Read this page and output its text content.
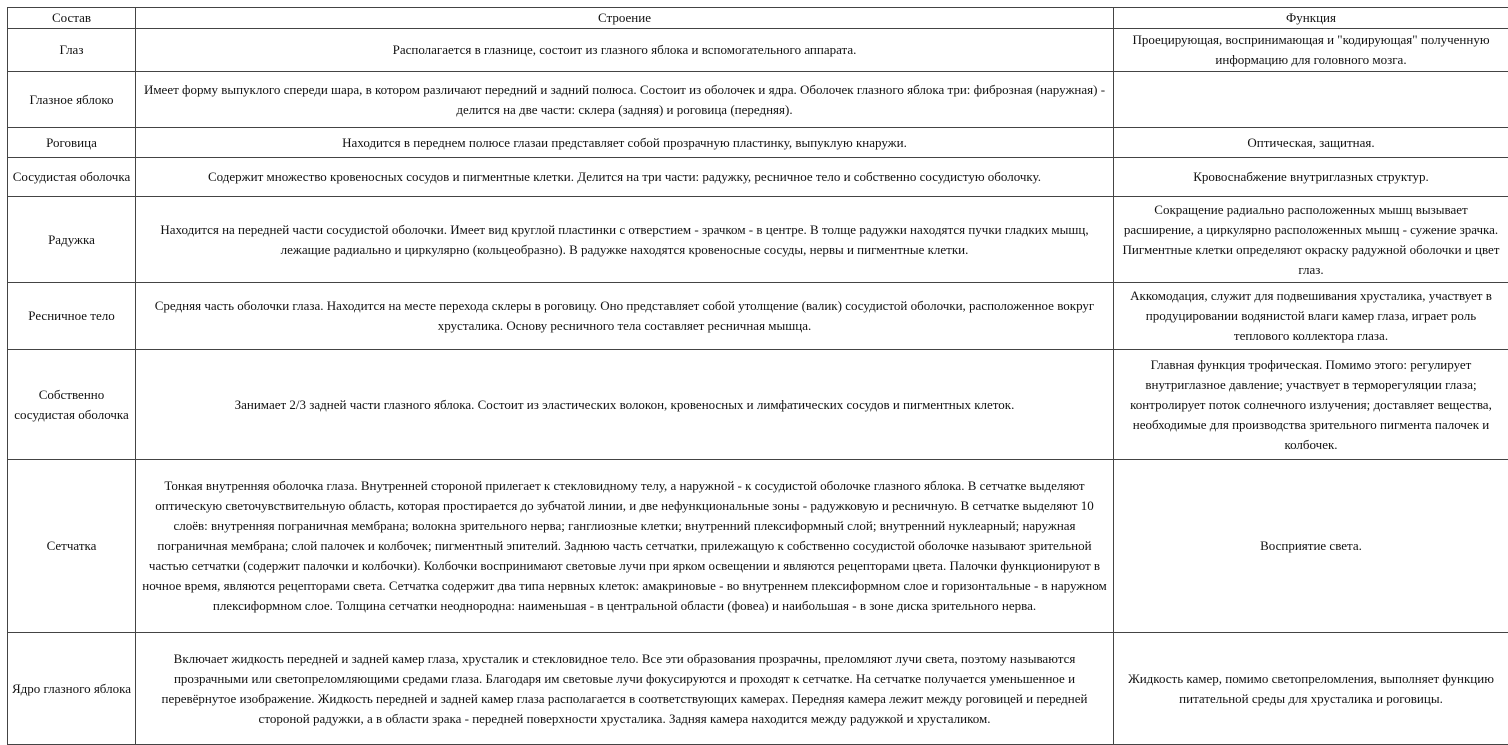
Состав	Строение	Функция	
Глаз	Располагается в глазнице, состоит из глазного яблока и вспомогательного аппарата.	Проецирующая, воспринимающая и "кодирующая" полученную информацию для головного мозга.	
Глазное яблоко	Имеет форму выпуклого спереди шара, в котором различают передний и задний полюса. Состоит из оболочек и ядра. Оболочек глазного яблока три: фиброзная (наружная) - делится на две части: склера (задняя) и роговица (передняя).		
Роговица	Находится в переднем полюсе глазаи представляет собой прозрачную пластинку, выпуклую кнаружи.	Оптическая, защитная.	
Сосудистая оболочка	Содержит множество кровеносных сосудов и пигментные клетки. Делится на три части: радужку, ресничное тело и собственно сосудистую оболочку.	Кровоснабжение внутриглазных структур.	
Радужка	Находится на передней части сосудистой оболочки. Имеет вид круглой пластинки с отверстием - зрачком - в центре. В толще радужки находятся пучки гладких мышц, лежащие радиально и циркулярно (кольцеобразно). В радужке находятся кровеносные сосуды, нервы и пигментные клетки.	Сокращение радиально расположенных мышц вызывает расширение, а циркулярно расположенных мышц - сужение зрачка. Пигментные клетки определяют окраску радужной оболочки и цвет глаз.	
Ресничное тело	Средняя часть оболочки глаза. Находится на месте перехода склеры в роговицу. Оно представляет собой утолщение (валик) сосудистой оболочки, расположенное вокруг хрусталика. Основу ресничного тела составляет ресничная мышца.	Аккомодация, служит для подвешивания хрусталика, участвует в продуцировании водянистой влаги камер глаза, играет роль теплового коллектора глаза.	
Собственно сосудистая оболочка	Занимает 2/3 задней части глазного яблока. Состоит из эластических волокон, кровеносных и лимфатических сосудов и пигментных клеток.	Главная функция трофическая. Помимо этого: регулирует внутриглазное давление; участвует в терморегуляции глаза; контролирует поток солнечного излучения; доставляет вещества, необходимые для производства зрительного пигмента палочек и колбочек.	
Сетчатка	Тонкая внутренняя оболочка глаза. Внутренней стороной прилегает к стекловидному телу, а наружной - к сосудистой оболочке глазного яблока. В сетчатке выделяют оптическую светочувствительную область, которая простирается до зубчатой линии, и две нефункциональные зоны - радужковую и ресничную. В сетчатке выделяют 10 слоёв: внутренняя пограничная мембрана; волокна зрительного нерва; ганглиозные клетки; внутренний плексиформный слой; внутренний нуклеарный; наружная пограничная мембрана; слой палочек и колбочек; пигментный эпителий. Заднюю часть сетчатки, прилежащую к собственно сосудистой оболочке называют зрительной частью сетчатки (содержит палочки и колбочки). Колбочки воспринимают световые лучи при ярком освещении и являются рецепторами цвета. Палочки функционируют в ночное время, являются рецепторами света. Сетчатка содержит два типа нервных клеток: амакриновые - во внутреннем плексиформном слое и горизонтальные - в наружном плексиформном слое. Толщина сетчатки неоднородна: наименьшая - в центральной области (фовеа) и наибольшая - в зоне диска зрительного нерва.	Восприятие света.	
Ядро глазного яблока	Включает жидкость передней и задней камер глаза, хрусталик и стекловидное тело. Все эти образования прозрачны, преломляют лучи света, поэтому называются прозрачными или светопреломляющими средами глаза. Благодаря им световые лучи фокусируются и проходят к сетчатке. На сетчатке получается уменьшенное и перевёрнутое изображение. Жидкость передней и задней камер глаза располагается в соответствующих камерах. Передняя камера лежит между роговицей и передней стороной радужки, а в области зрака - передней поверхности хрусталика. Задняя камера находится между радужкой и хрусталиком.	Жидкость камер, помимо светопреломления, выполняет функцию питательной среды для хрусталика и роговицы.	
